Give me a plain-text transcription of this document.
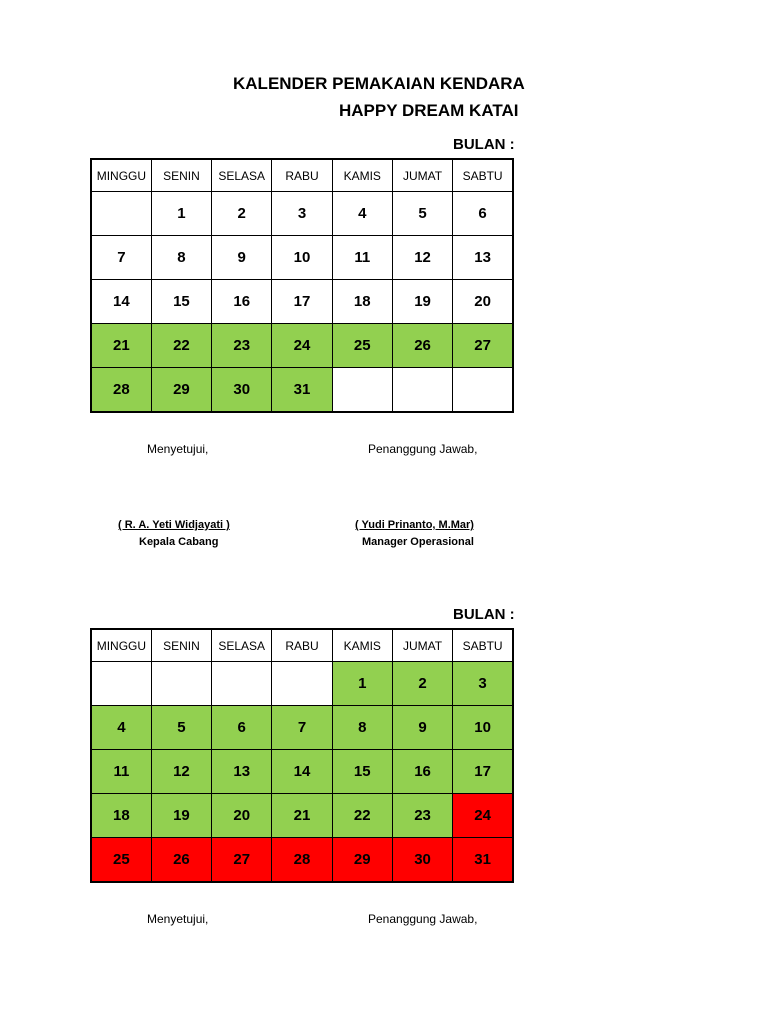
KALENDER PEMAKAIAN KENDARA
HAPPY DREAM KATAI
BULAN :
MINGGU	SENIN	SELASA	RABU	KAMIS	JUMAT	SABTU
	1	2	3	4	5	6
7	8	9	10	11	12	13
14	15	16	17	18	19	20
21	22	23	24	25	26	27
28	29	30	31			
Menyetujui,	Penanggung Jawab,
( R. A. Yeti Widjayati )
Kepala Cabang
( Yudi Prinanto, M.Mar)
Manager Operasional
BULAN :
MINGGU	SENIN	SELASA	RABU	KAMIS	JUMAT	SABTU
				1	2	3
4	5	6	7	8	9	10
11	12	13	14	15	16	17
18	19	20	21	22	23	24
25	26	27	28	29	30	31
Menyetujui,	Penanggung Jawab,
